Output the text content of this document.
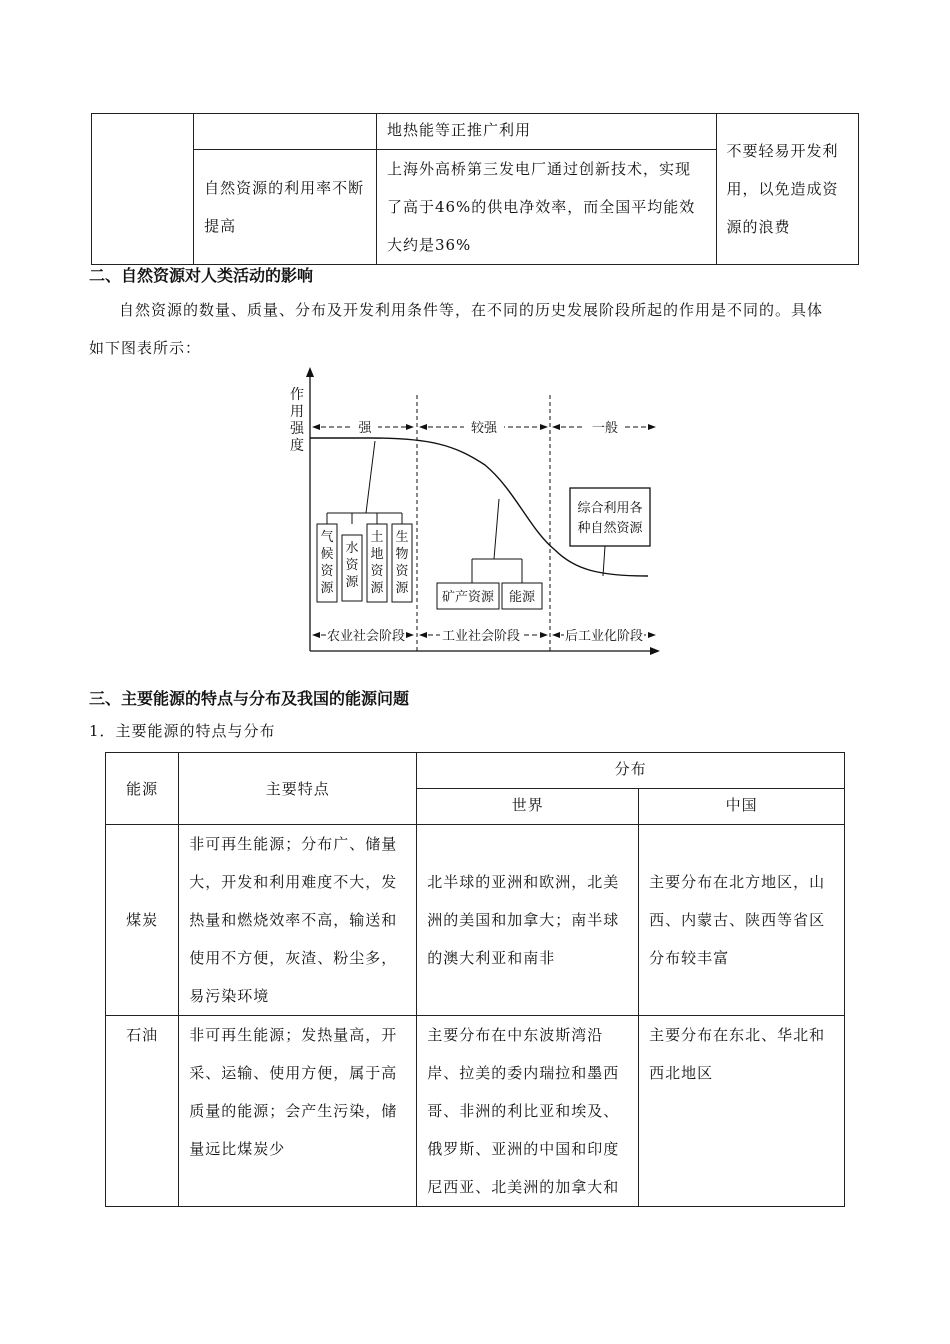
		地热能等正推广利用	不要轻易开发利用，以免造成资源的浪费
	自然资源的利用率不断提高	上海外高桥第三发电厂通过创新技术，实现了高于46%的供电净效率，而全国平均能效大约是36%	
二、自然资源对人类活动的影响
自然资源的数量、质量、分布及开发利用条件等，在不同的历史发展阶段所起的作用是不同的。具体
如下图表所示：
作
用
强
度
强	较强	一般
气
候
资
源
水
资
源
土
地
资
源
生
物
资
源
矿产资源 能源
综合利用各
种自然资源
农业社会阶段	工业社会阶段	后工业化阶段
三、主要能源的特点与分布及我国的能源问题
1．主要能源的特点与分布
能源	主要特点	分布	
		世界	中国
煤炭	非可再生能源；分布广、储量大，开发和利用难度不大，发热量和燃烧效率不高，输送和使用不方便，灰渣、粉尘多，易污染环境	北半球的亚洲和欧洲，北美洲的美国和加拿大；南半球的澳大利亚和南非	主要分布在北方地区，山西、内蒙古、陕西等省区分布较丰富
石油	非可再生能源；发热量高，开采、运输、使用方便，属于高质量的能源；会产生污染，储量远比煤炭少	主要分布在中东波斯湾沿岸、拉美的委内瑞拉和墨西哥、非洲的利比亚和埃及、俄罗斯、亚洲的中国和印度尼西亚、北美洲的加拿大和	主要分布在东北、华北和西北地区
